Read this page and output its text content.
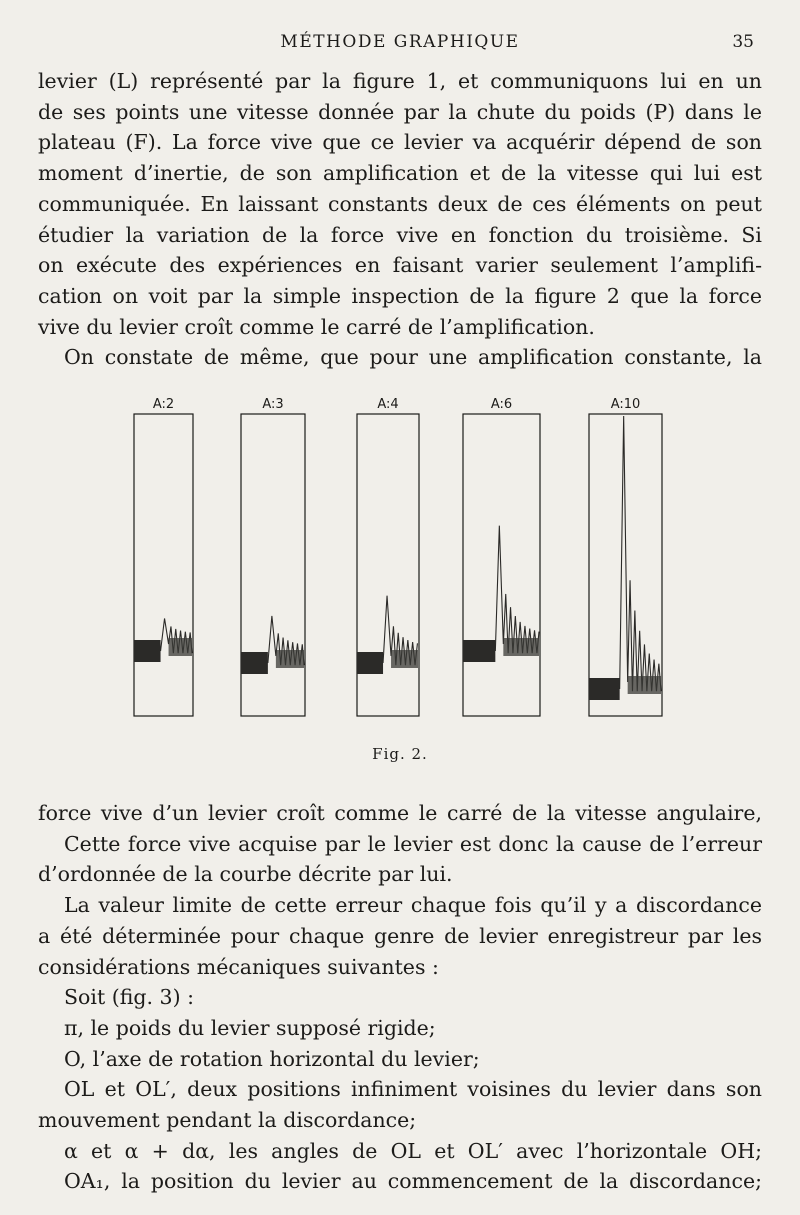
MÉTHODE GRAPHIQUE	35
levier (L) représenté par la figure 1, et communiquons lui en un
de ses points une vitesse donnée par la chute du poids (P) dans le
plateau (F). La force vive que ce levier va acquérir dépend de son
moment d’inertie, de son amplification et de la vitesse qui lui est
communiquée. En laissant constants deux de ces éléments on peut
étudier la variation de la force vive en fonction du troisième. Si
on exécute des expériences en faisant varier seulement l’amplifi-
cation on voit par la simple inspection de la figure 2 que la force
vive du levier croît comme le carré de l’amplification.
On constate de même, que pour une amplification constante, la
A:2	A:3	A:4	A:6	A:10
Fig. 2.
force vive d’un levier croît comme le carré de la vitesse angulaire,
Cette force vive acquise par le levier est donc la cause de l’erreur
d’ordonnée de la courbe décrite par lui.
La valeur limite de cette erreur chaque fois qu’il y a discordance
a été déterminée pour chaque genre de levier enregistreur par les
considérations mécaniques suivantes :
Soit (fig. 3) :
π, le poids du levier supposé rigide;
O, l’axe de rotation horizontal du levier;
OL et OL′, deux positions infiniment voisines du levier dans son
mouvement pendant la discordance;
α et α + dα, les angles de OL et OL′ avec l’horizontale OH;
OA₁, la position du levier au commencement de la discordance;
